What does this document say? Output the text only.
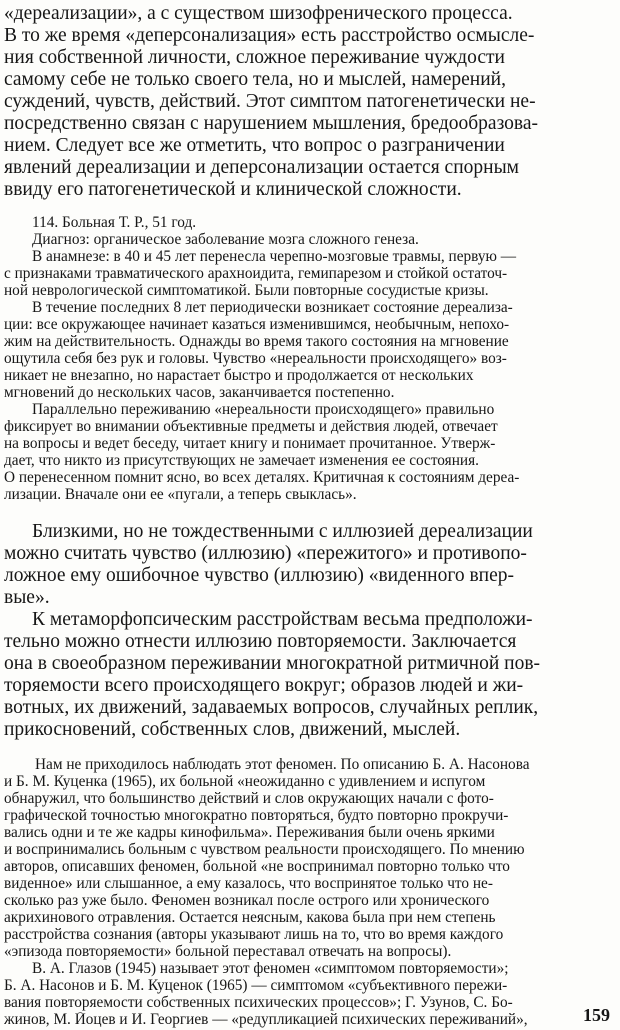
«дереализации», а с существом шизофренического процесса.
В то же время «деперсонализация» есть расстройство осмысле-
ния собственной личности, сложное переживание чуждости
самому себе не только своего тела, но и мыслей, намерений,
суждений, чувств, действий. Этот симптом патогенетически не-
посредственно связан с нарушением мышления, бредообразова-
нием. Следует все же отметить, что вопрос о разграничении
явлений дереализации и деперсонализации остается спорным
ввиду его патогенетической и клинической сложности.
114. Больная Т. Р., 51 год.
Диагноз: органическое заболевание мозга сложного генеза.
В анамнезе: в 40 и 45 лет перенесла черепно-мозговые травмы, первую —
с признаками травматического арахноидита, гемипарезом и стойкой остаточ-
ной неврологической симптоматикой. Были повторные сосудистые кризы.
В течение последних 8 лет периодически возникает состояние дереализа-
ции: все окружающее начинает казаться изменившимся, необычным, непохо-
жим на действительность. Однажды во время такого состояния на мгновение
ощутила себя без рук и головы. Чувство «нереальности происходящего» воз-
никает не внезапно, но нарастает быстро и продолжается от нескольких
мгновений до нескольких часов, заканчивается постепенно.
Параллельно переживанию «нереальности происходящего» правильно
фиксирует во внимании объективные предметы и действия людей, отвечает
на вопросы и ведет беседу, читает книгу и понимает прочитанное. Утверж-
дает, что никто из присутствующих не замечает изменения ее состояния.
О перенесенном помнит ясно, во всех деталях. Критичная к состояниям дереа-
лизации. Вначале они ее «пугали, а теперь свыклась».
Близкими, но не тождественными с иллюзией дереализации
можно считать чувство (иллюзию) «пережитого» и противопо-
ложное ему ошибочное чувство (иллюзию) «виденного впер-
вые».
К метаморфопсическим расстройствам весьма предположи-
тельно можно отнести иллюзию повторяемости. Заключается
она в своеобразном переживании многократной ритмичной пов-
торяемости всего происходящего вокруг; образов людей и жи-
вотных, их движений, задаваемых вопросов, случайных реплик,
прикосновений, собственных слов, движений, мыслей.
Нам не приходилось наблюдать этот феномен. По описанию Б. А. Насонова
и Б. М. Куценка (1965), их больной «неожиданно с удивлением и испугом
обнаружил, что большинство действий и слов окружающих начали с фото-
графической точностью многократно повторяться, будто повторно прокручи-
вались одни и те же кадры кинофильма». Переживания были очень яркими
и воспринимались больным с чувством реальности происходящего. По мнению
авторов, описавших феномен, больной «не воспринимал повторно только что
виденное» или слышанное, а ему казалось, что воспринятое только что не-
сколько раз уже было. Феномен возникал после острого или хронического
акрихинового отравления. Остается неясным, какова была при нем степень
расстройства сознания (авторы указывают лишь на то, что во время каждого
«эпизода повторяемости» больной переставал отвечать на вопросы).
В. А. Глазов (1945) называет этот феномен «симптомом повторяемости»;
Б. А. Насонов и Б. М. Куценок (1965) — симптомом «субъективного пережи-
вания повторяемости собственных психических процессов»; Г. Узунов, С. Бо-
жинов, М. Йоцев и И. Георгиев — «редупликацией психических переживаний»,	159
